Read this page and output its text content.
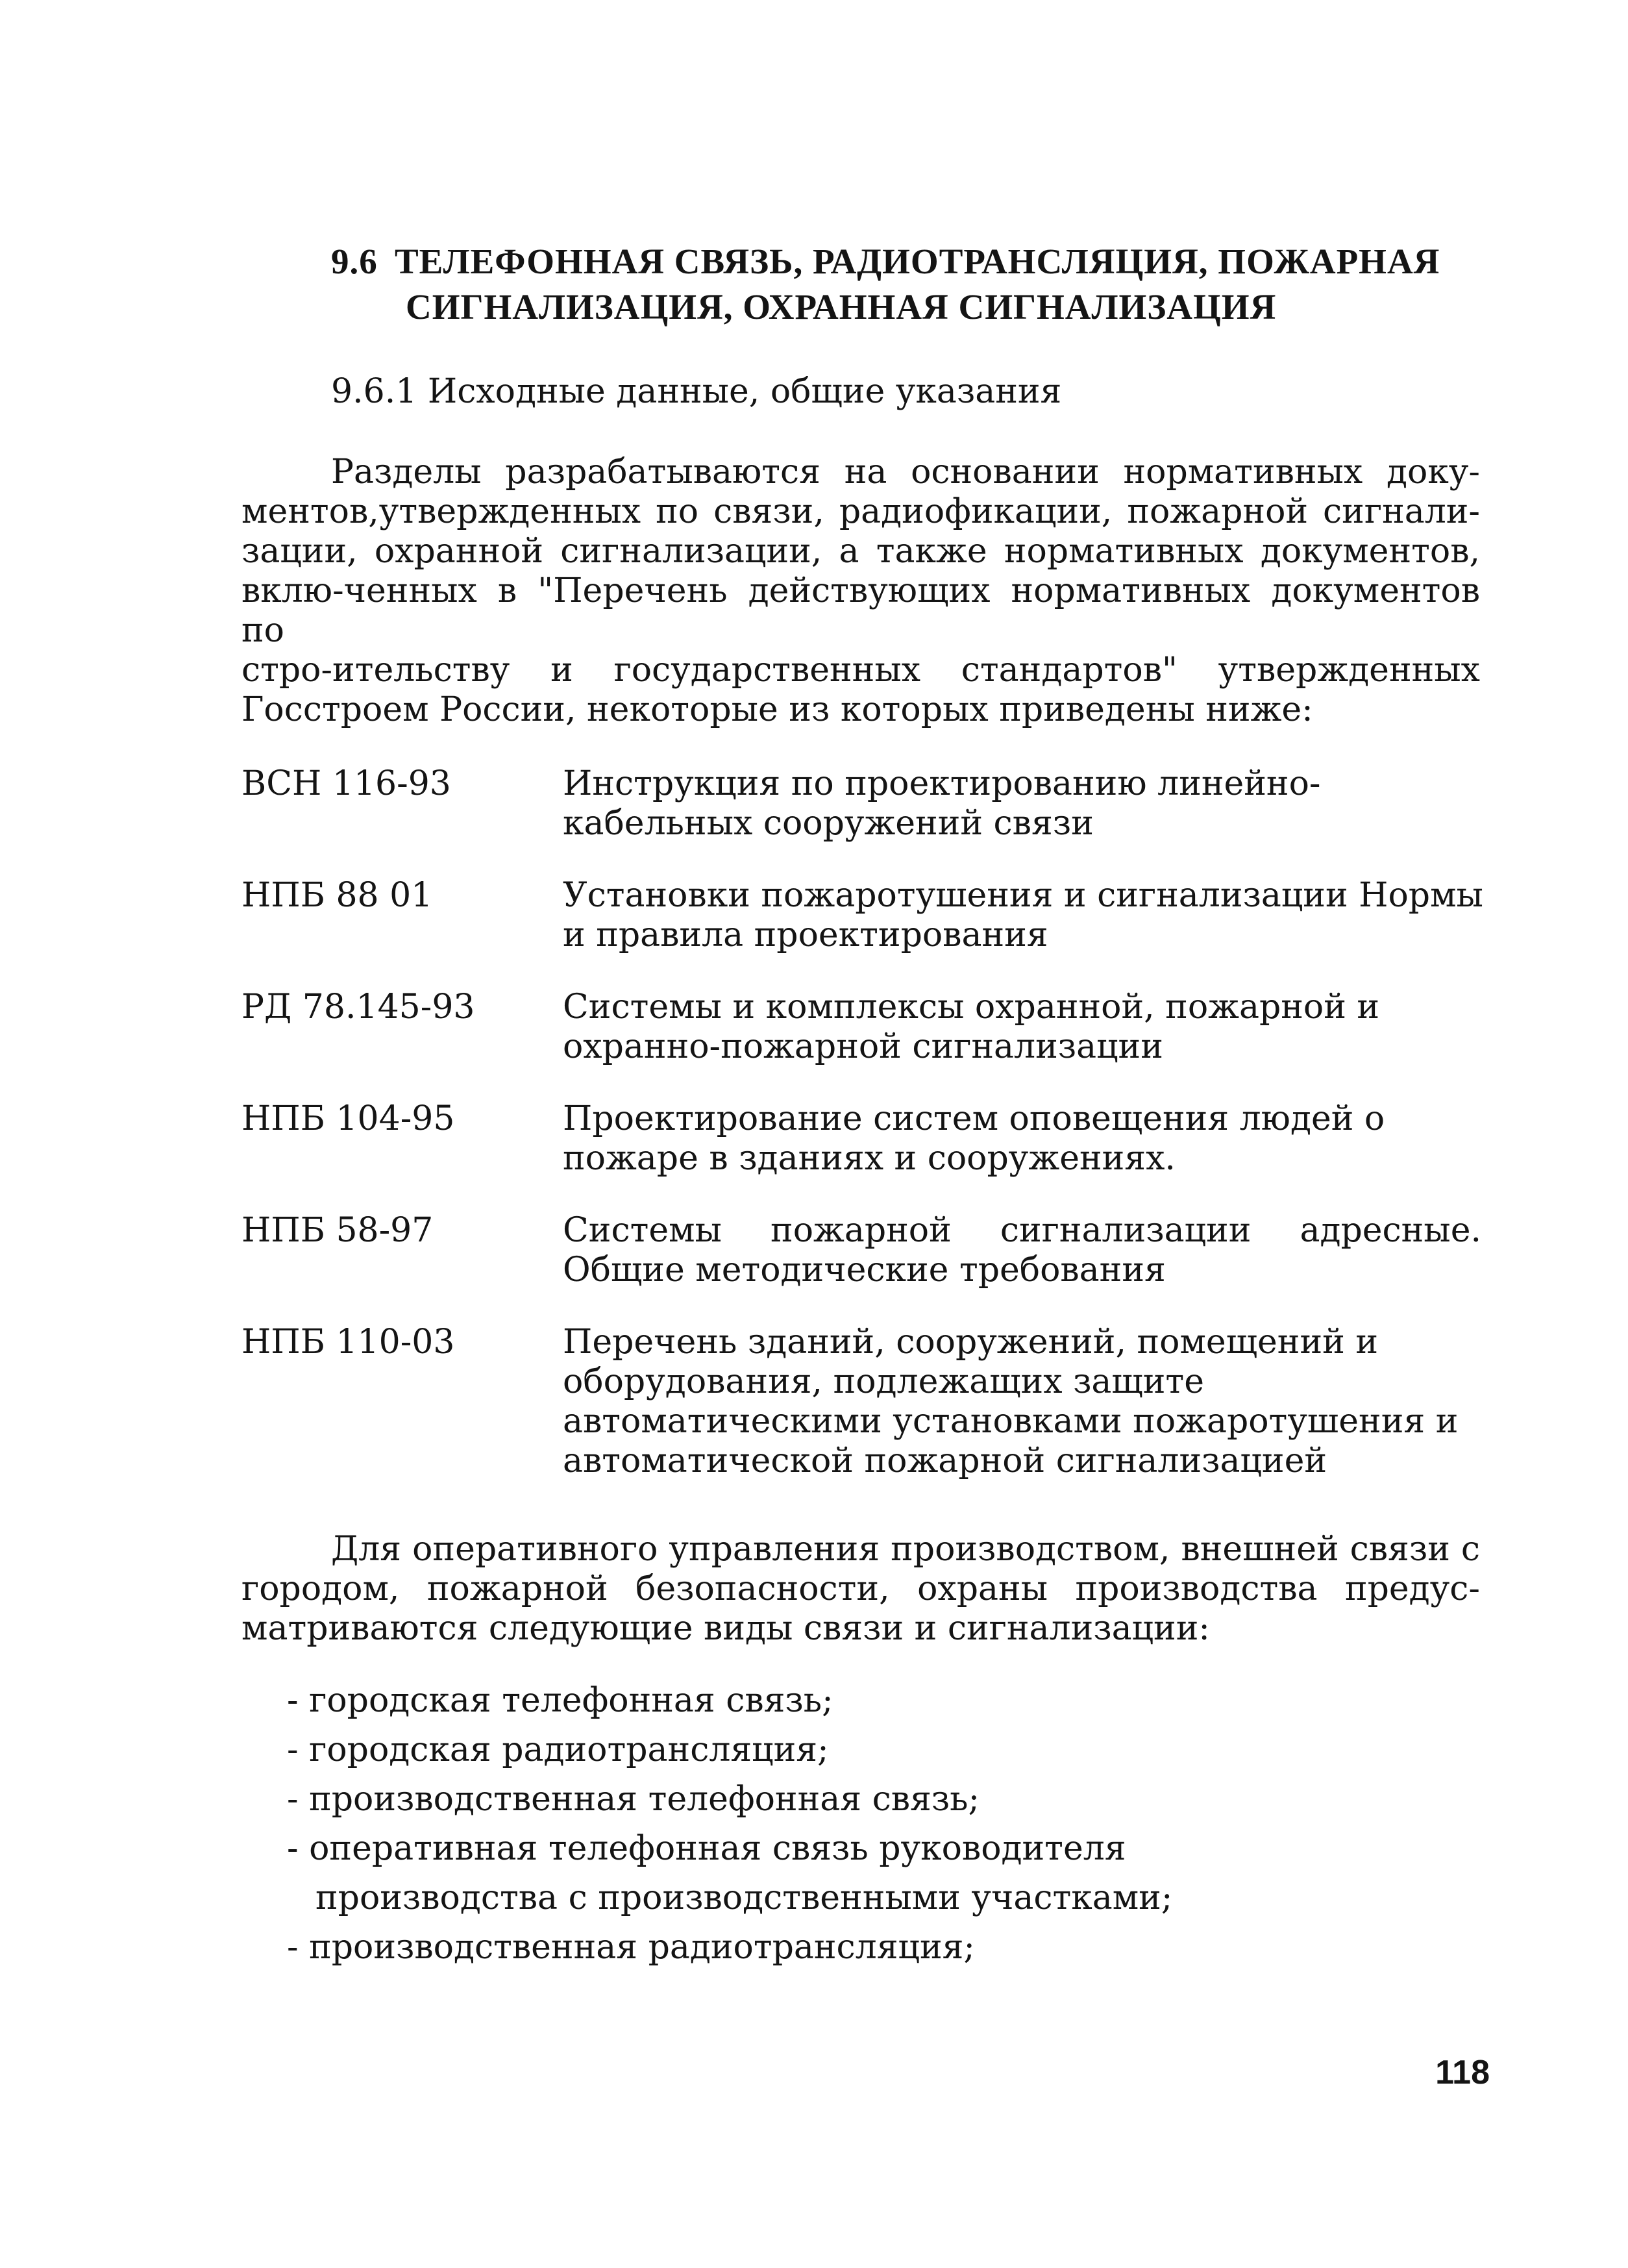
9.6 ТЕЛЕФОННАЯ СВЯЗЬ, РАДИОТРАНСЛЯЦИЯ, ПОЖАРНАЯ
СИГНАЛИЗАЦИЯ, ОХРАННАЯ СИГНАЛИЗАЦИЯ
9.6.1 Исходные данные, общие указания
Разделы разрабатываются на основании нормативных доку-
ментов,утвержденных по связи, радиофикации, пожарной сигнали-
зации, охранной сигнализации, а также нормативных документов,
вклю-ченных в "Перечень действующих нормативных документов по
стро-ительству и государственных стандартов" утвержденных
Госстроем России, некоторые из которых приведены ниже:
ВСН 116-93	Инструкция по проектированию линейно-
кабельных сооружений связи
НПБ 88 01	Установки пожаротушения и сигнализации Нормы
и правила проектирования
РД 78.145-93	Системы и комплексы охранной, пожарной и
охранно-пожарной сигнализации
НПБ 104-95	Проектирование систем оповещения людей о
пожаре в зданиях и сооружениях.
НПБ 58-97	Системы пожарной сигнализации адресные.
Общие методические требования
НПБ 110-03	Перечень зданий, сооружений, помещений и
оборудования, подлежащих защите
автоматическими установками пожаротушения и
автоматической пожарной сигнализацией
Для оперативного управления производством, внешней связи с
городом, пожарной безопасности, охраны производства предус-
матриваются следующие виды связи и сигнализации:
- городская телефонная связь;
- городская радиотрансляция;
- производственная телефонная связь;
- оперативная телефонная связь руководителя
производства с производственными участками;
- производственная радиотрансляция;
118
